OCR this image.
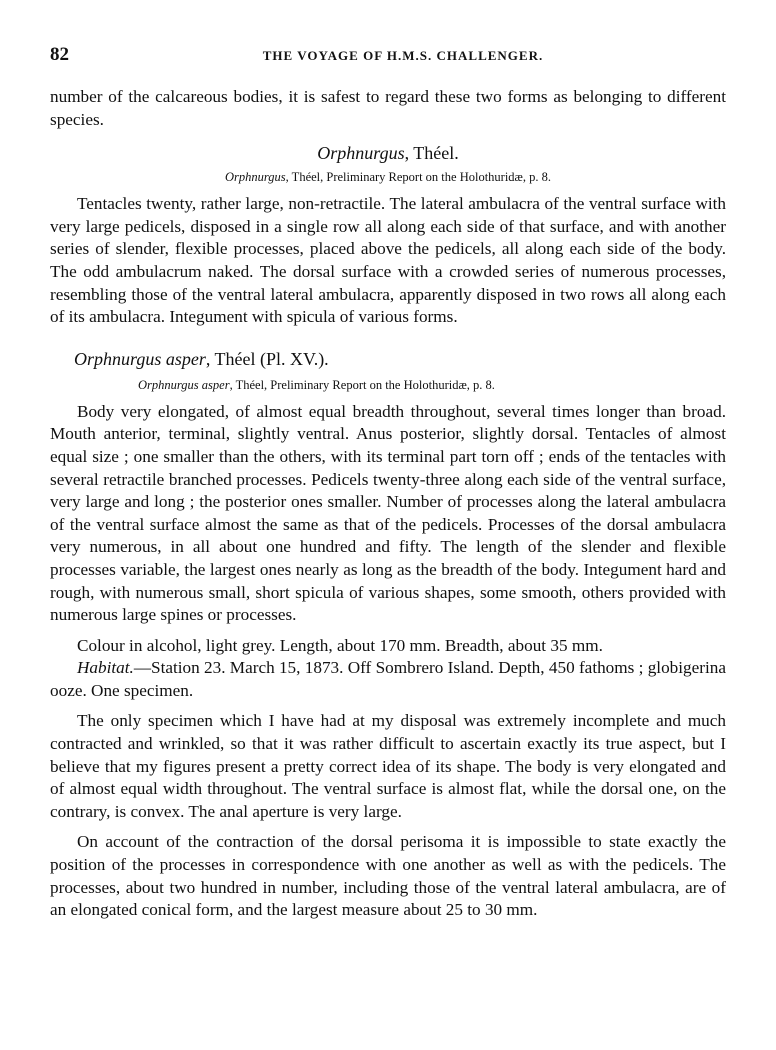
82	THE VOYAGE OF H.M.S. CHALLENGER.

number of the calcareous bodies, it is safest to regard these two forms as belonging to different species.

Orphnurgus, Théel.
Orphnurgus, Théel, Preliminary Report on the Holothuridæ, p. 8.

Tentacles twenty, rather large, non-retractile. The lateral ambulacra of the ventral surface with very large pedicels, disposed in a single row all along each side of that surface, and with another series of slender, flexible processes, placed above the pedicels, all along each side of the body. The odd ambulacrum naked. The dorsal surface with a crowded series of numerous processes, resembling those of the ventral lateral ambulacra, apparently disposed in two rows all along each of its ambulacra. Integument with spicula of various forms.

Orphnurgus asper, Théel (Pl. XV.).
Orphnurgus asper, Théel, Preliminary Report on the Holothuridæ, p. 8.

Body very elongated, of almost equal breadth throughout, several times longer than broad. Mouth anterior, terminal, slightly ventral. Anus posterior, slightly dorsal. Tentacles of almost equal size ; one smaller than the others, with its terminal part torn off ; ends of the tentacles with several retractile branched processes. Pedicels twenty-three along each side of the ventral surface, very large and long ; the posterior ones smaller. Number of processes along the lateral ambulacra of the ventral surface almost the same as that of the pedicels. Processes of the dorsal ambulacra very numerous, in all about one hundred and fifty. The length of the slender and flexible processes variable, the largest ones nearly as long as the breadth of the body. Integument hard and rough, with numerous small, short spicula of various shapes, some smooth, others provided with numerous large spines or processes.

Colour in alcohol, light grey. Length, about 170 mm. Breadth, about 35 mm.

Habitat.—Station 23. March 15, 1873. Off Sombrero Island. Depth, 450 fathoms ; globigerina ooze. One specimen.

The only specimen which I have had at my disposal was extremely incomplete and much contracted and wrinkled, so that it was rather difficult to ascertain exactly its true aspect, but I believe that my figures present a pretty correct idea of its shape. The body is very elongated and of almost equal width throughout. The ventral surface is almost flat, while the dorsal one, on the contrary, is convex. The anal aperture is very large.

On account of the contraction of the dorsal perisoma it is impossible to state exactly the position of the processes in correspondence with one another as well as with the pedicels. The processes, about two hundred in number, including those of the ventral lateral ambulacra, are of an elongated conical form, and the largest measure about 25 to 30 mm.
